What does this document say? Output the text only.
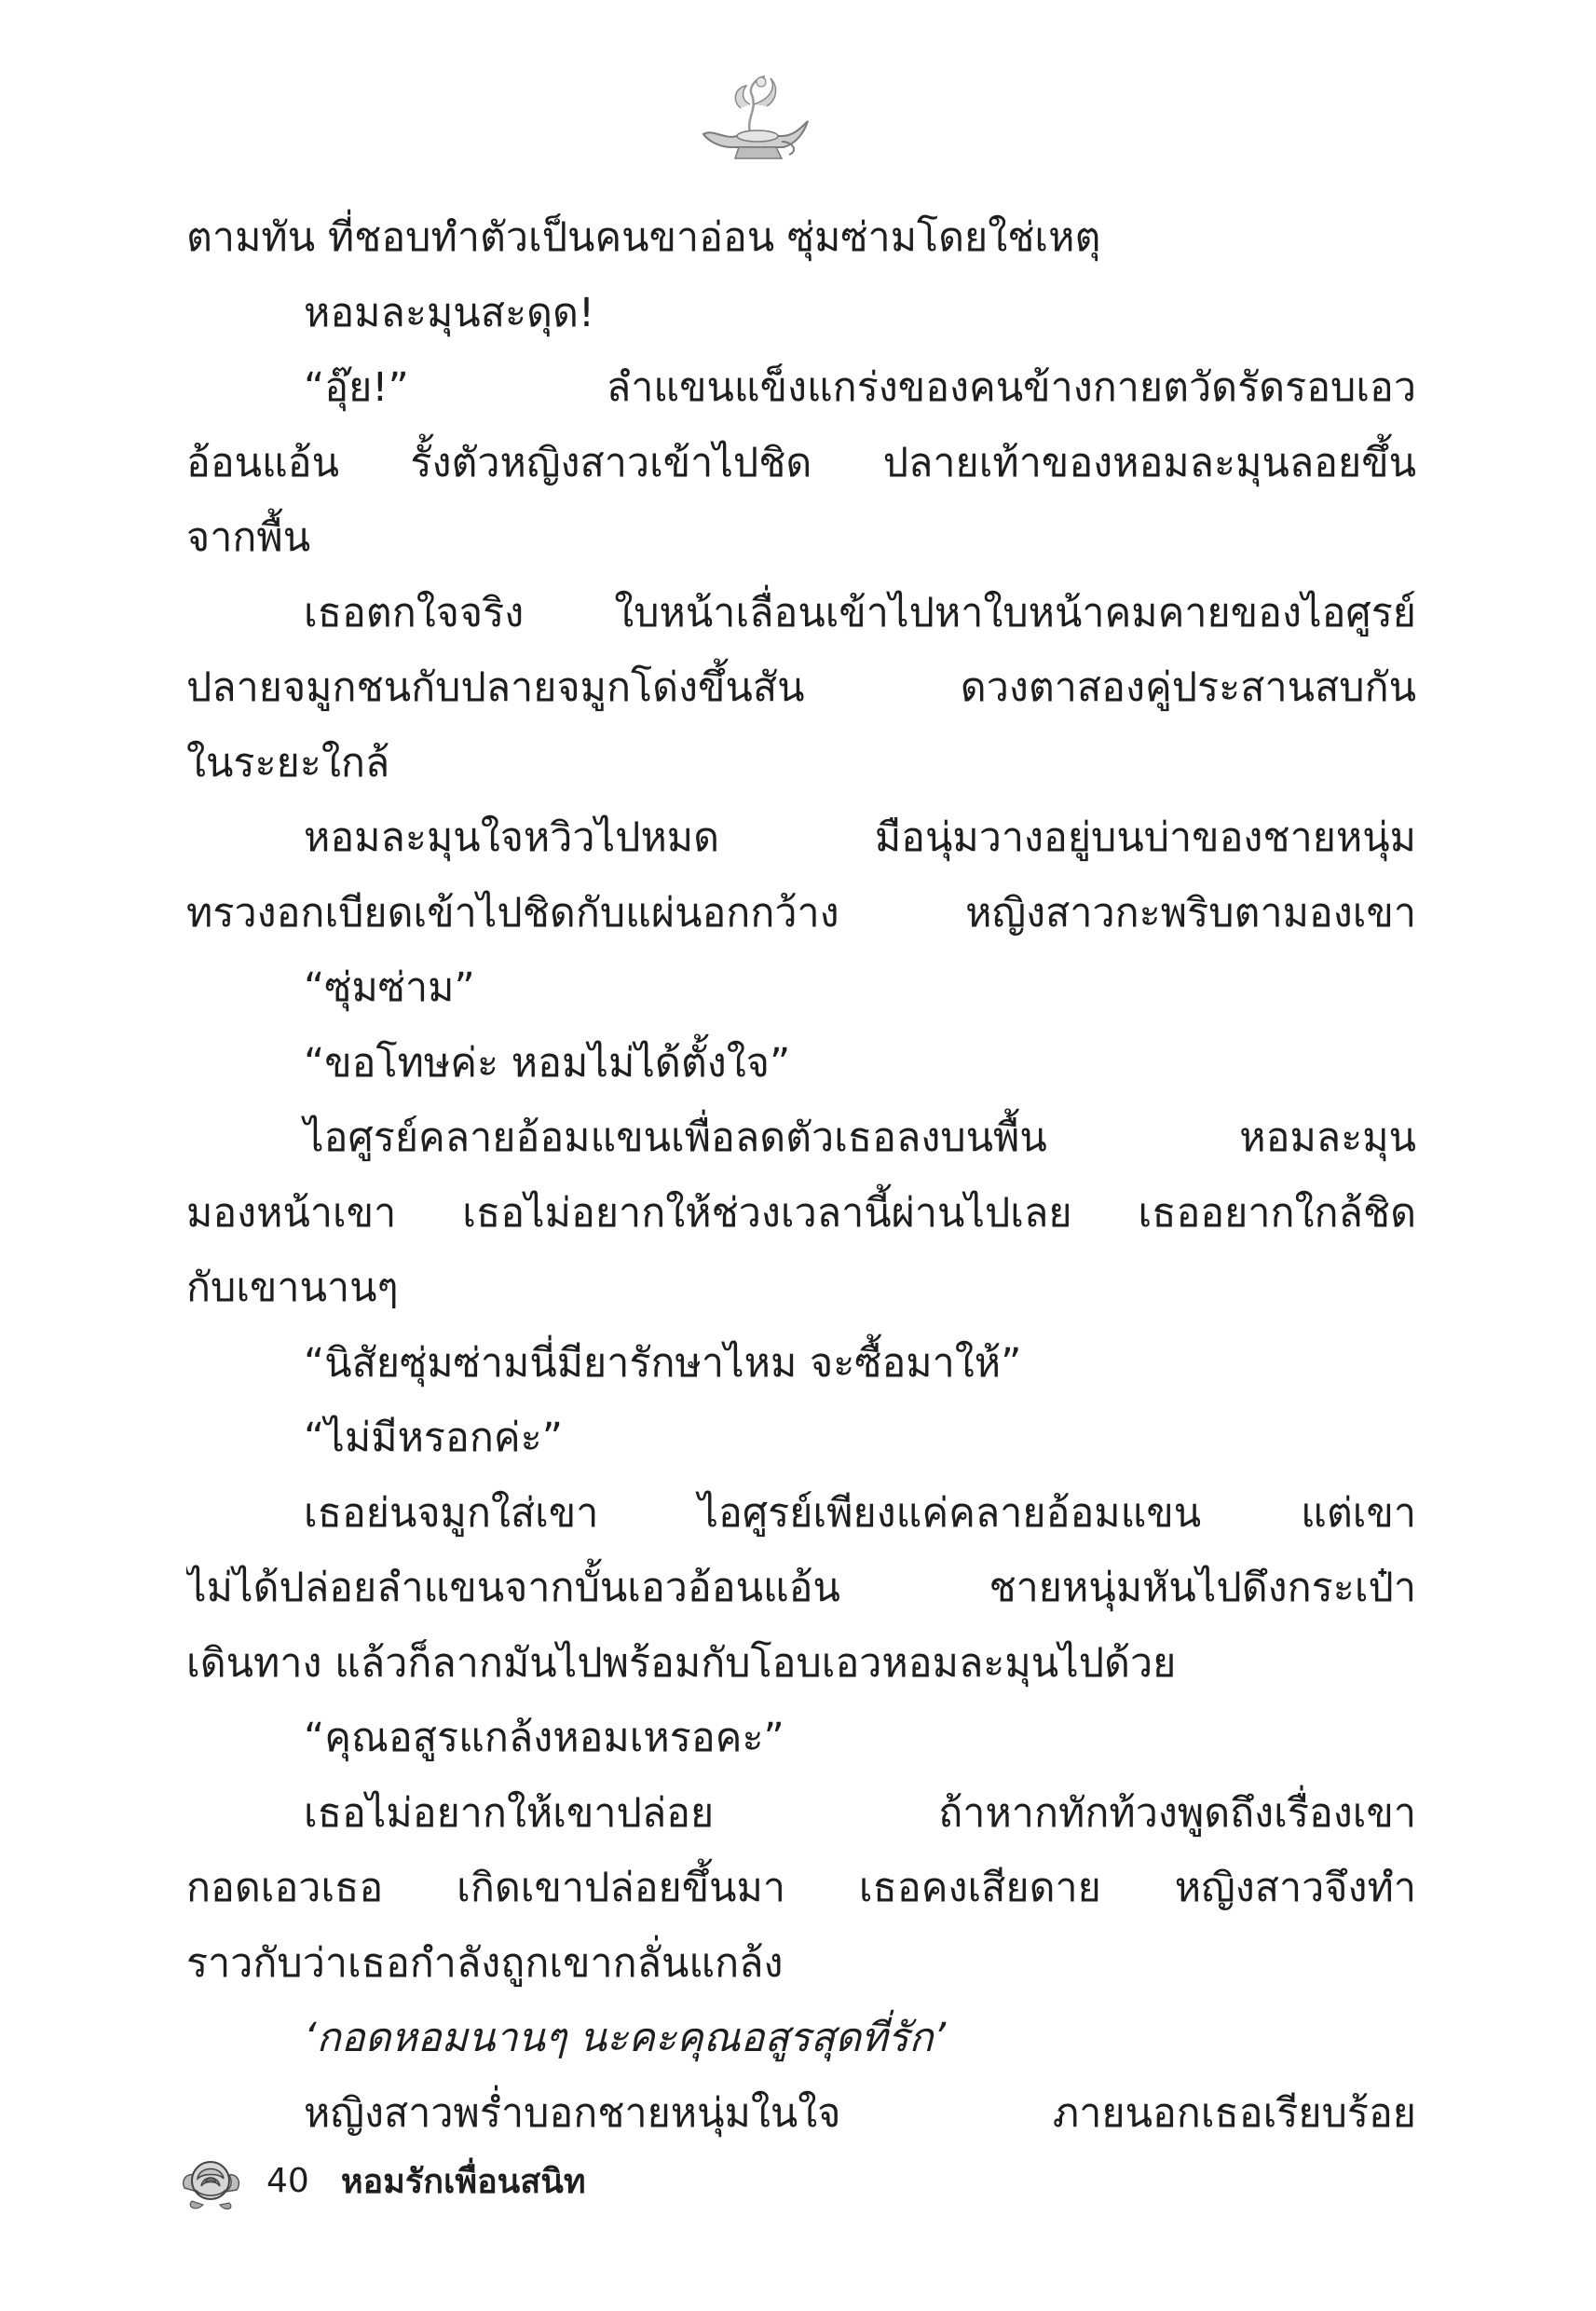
ตามทัน ที่ชอบทำตัวเป็นคนขาอ่อน ซุ่มซ่ามโดยใช่เหตุ
หอมละมุนสะดุด!
“อุ๊ย!” ลำแขนแข็งแกร่งของคนข้างกายตวัดรัดรอบเอว
อ้อนแอ้น รั้งตัวหญิงสาวเข้าไปชิด ปลายเท้าของหอมละมุนลอยขึ้น
จากพื้น
เธอตกใจจริง ใบหน้าเลื่อนเข้าไปหาใบหน้าคมคายของไอศูรย์
ปลายจมูกชนกับปลายจมูกโด่งขึ้นสัน ดวงตาสองคู่ประสานสบกัน
ในระยะใกล้
หอมละมุนใจหวิวไปหมด มือนุ่มวางอยู่บนบ่าของชายหนุ่ม
ทรวงอกเบียดเข้าไปชิดกับแผ่นอกกว้าง หญิงสาวกะพริบตามองเขา
“ซุ่มซ่าม”
“ขอโทษค่ะ หอมไม่ได้ตั้งใจ”
ไอศูรย์คลายอ้อมแขนเพื่อลดตัวเธอลงบนพื้น หอมละมุน
มองหน้าเขา เธอไม่อยากให้ช่วงเวลานี้ผ่านไปเลย เธออยากใกล้ชิด
กับเขานานๆ
“นิสัยซุ่มซ่ามนี่มียารักษาไหม จะซื้อมาให้”
“ไม่มีหรอกค่ะ”
เธอย่นจมูกใส่เขา ไอศูรย์เพียงแค่คลายอ้อมแขน แต่เขา
ไม่ได้ปล่อยลำแขนจากบั้นเอวอ้อนแอ้น ชายหนุ่มหันไปดึงกระเป๋า
เดินทาง แล้วก็ลากมันไปพร้อมกับโอบเอวหอมละมุนไปด้วย
“คุณอสูรแกล้งหอมเหรอคะ”
เธอไม่อยากให้เขาปล่อย ถ้าหากทักท้วงพูดถึงเรื่องเขา
กอดเอวเธอ เกิดเขาปล่อยขึ้นมา เธอคงเสียดาย หญิงสาวจึงทำ
ราวกับว่าเธอกำลังถูกเขากลั่นแกล้ง
‘กอดหอมนานๆ นะคะคุณอสูรสุดที่รัก’
หญิงสาวพร่ำบอกชายหนุ่มในใจ ภายนอกเธอเรียบร้อย
40 หอมรักเพื่อนสนิท
